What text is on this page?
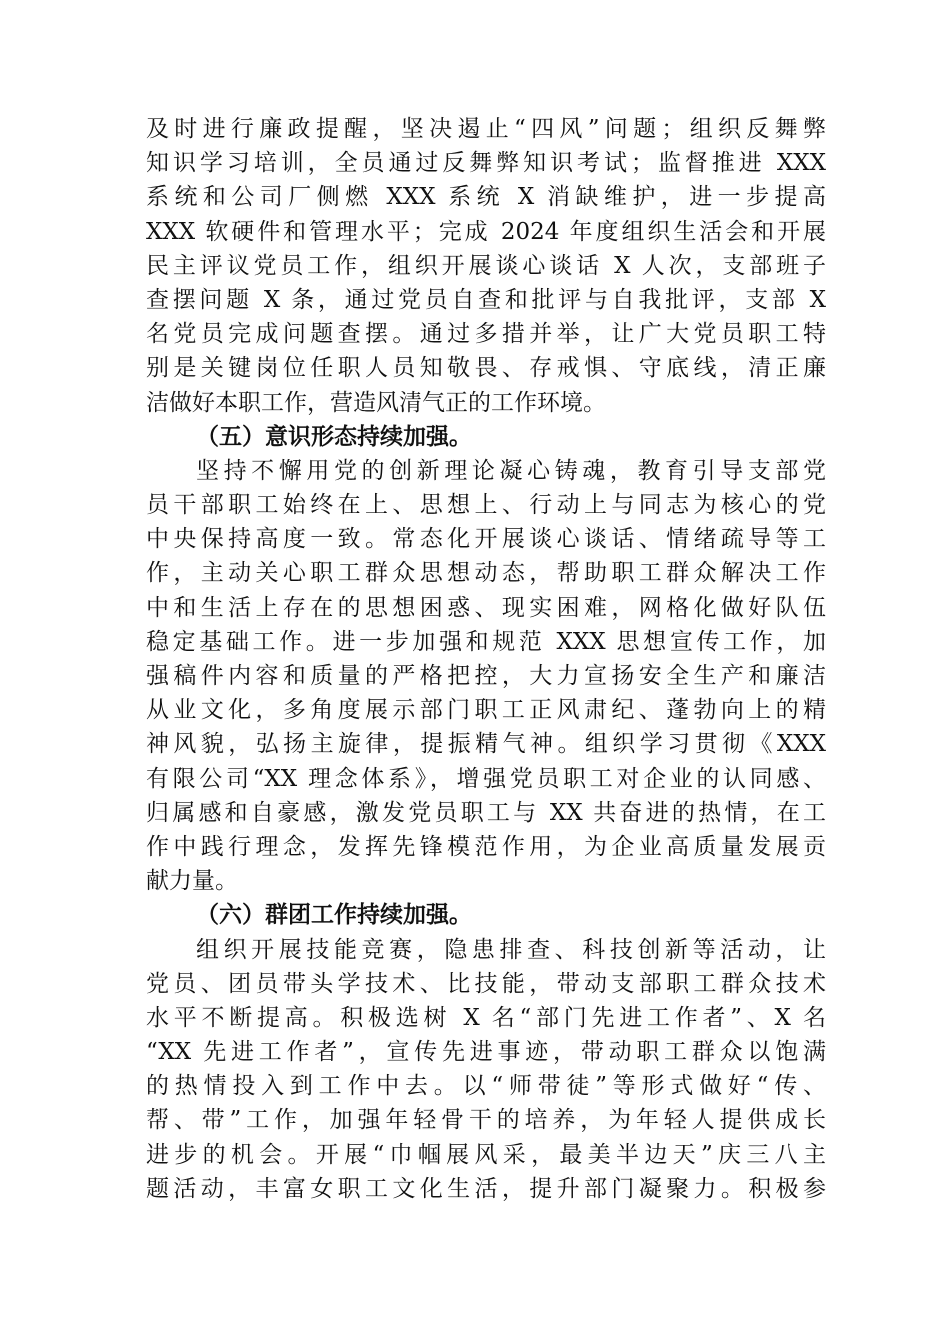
及时进行廉政提醒，坚决遏止“四风”问题；组织反舞弊
知识学习培训，全员通过反舞弊知识考试；监督推进 XXX
系统和公司厂侧燃 XXX 系统 X 消缺维护，进一步提高
XXX 软硬件和管理水平；完成 2024 年度组织生活会和开展
民主评议党员工作，组织开展谈心谈话 X 人次，支部班子
查摆问题 X 条，通过党员自查和批评与自我批评，支部 X
名党员完成问题查摆。通过多措并举，让广大党员职工特
别是关键岗位任职人员知敬畏、存戒惧、守底线，清正廉
洁做好本职工作，营造风清气正的工作环境。
（五）意识形态持续加强。
坚持不懈用党的创新理论凝心铸魂，教育引导支部党
员干部职工始终在上、思想上、行动上与同志为核心的党
中央保持高度一致。常态化开展谈心谈话、情绪疏导等工
作，主动关心职工群众思想动态，帮助职工群众解决工作
中和生活上存在的思想困惑、现实困难，网格化做好队伍
稳定基础工作。进一步加强和规范 XXX 思想宣传工作，加
强稿件内容和质量的严格把控，大力宣扬安全生产和廉洁
从业文化，多角度展示部门职工正风肃纪、蓬勃向上的精
神风貌，弘扬主旋律，提振精气神。组织学习贯彻《XXX
有限公司“XX 理念体系》，增强党员职工对企业的认同感、
归属感和自豪感，激发党员职工与 XX 共奋进的热情，在工
作中践行理念，发挥先锋模范作用，为企业高质量发展贡
献力量。
（六）群团工作持续加强。
组织开展技能竞赛，隐患排查、科技创新等活动，让
党员、团员带头学技术、比技能，带动支部职工群众技术
水平不断提高。积极选树 X 名“部门先进工作者”、X 名
“XX 先进工作者”，宣传先进事迹，带动职工群众以饱满
的热情投入到工作中去。以“师带徒”等形式做好“传、
帮、带”工作，加强年轻骨干的培养，为年轻人提供成长
进步的机会。开展“巾帼展风采，最美半边天”庆三八主
题活动，丰富女职工文化生活，提升部门凝聚力。积极参
